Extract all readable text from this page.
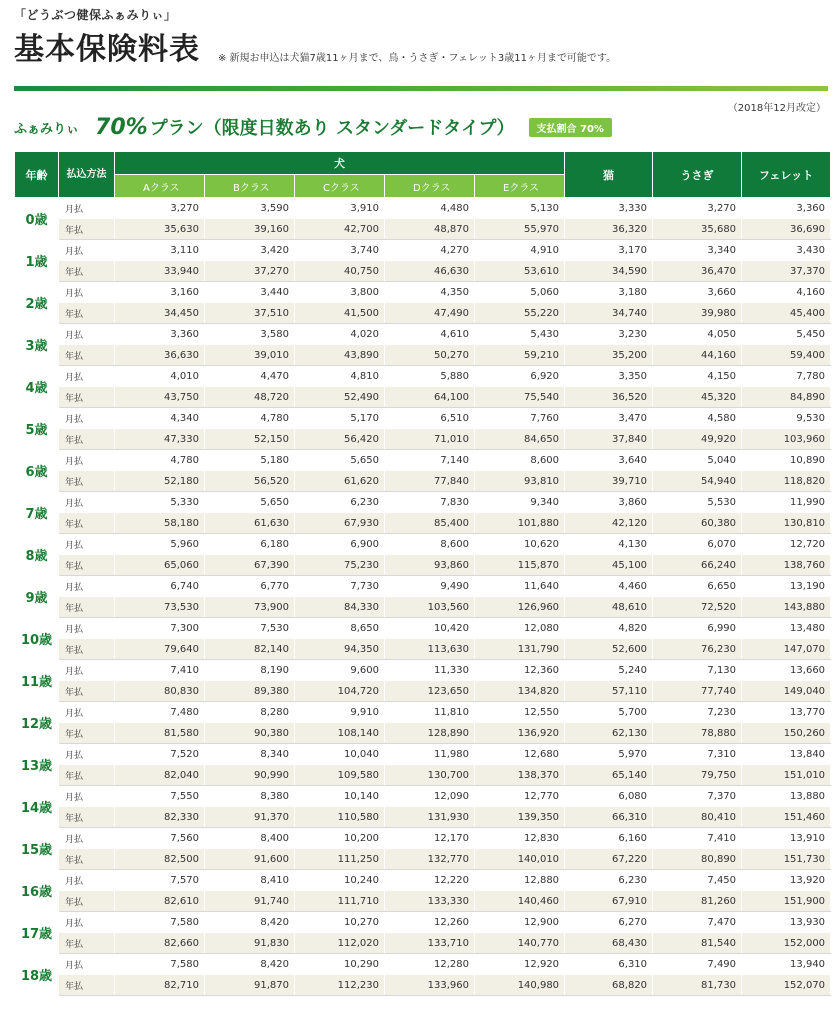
「どうぶつ健保ふぁみりぃ」
基本保険料表 ※ 新規お申込は犬猫7歳11ヶ月まで、鳥・うさぎ・フェレット3歳11ヶ月まで可能です。
（2018年12月改定）
ふぁみりぃ 70% プラン（限度日数あり スタンダードタイプ）	支払割合 70%
年齢	払込方法	犬					猫	うさぎ	フェレット
		Aクラス	Bクラス	Cクラス	Dクラス	Eクラス			
0歳	月払	3,270	3,590	3,910	4,480	5,130	3,330	3,270	3,360
	年払	35,630	39,160	42,700	48,870	55,970	36,320	35,680	36,690
1歳	月払	3,110	3,420	3,740	4,270	4,910	3,170	3,340	3,430
	年払	33,940	37,270	40,750	46,630	53,610	34,590	36,470	37,370
2歳	月払	3,160	3,440	3,800	4,350	5,060	3,180	3,660	4,160
	年払	34,450	37,510	41,500	47,490	55,220	34,740	39,980	45,400
3歳	月払	3,360	3,580	4,020	4,610	5,430	3,230	4,050	5,450
	年払	36,630	39,010	43,890	50,270	59,210	35,200	44,160	59,400
4歳	月払	4,010	4,470	4,810	5,880	6,920	3,350	4,150	7,780
	年払	43,750	48,720	52,490	64,100	75,540	36,520	45,320	84,890
5歳	月払	4,340	4,780	5,170	6,510	7,760	3,470	4,580	9,530
	年払	47,330	52,150	56,420	71,010	84,650	37,840	49,920	103,960
6歳	月払	4,780	5,180	5,650	7,140	8,600	3,640	5,040	10,890
	年払	52,180	56,520	61,620	77,840	93,810	39,710	54,940	118,820
7歳	月払	5,330	5,650	6,230	7,830	9,340	3,860	5,530	11,990
	年払	58,180	61,630	67,930	85,400	101,880	42,120	60,380	130,810
8歳	月払	5,960	6,180	6,900	8,600	10,620	4,130	6,070	12,720
	年払	65,060	67,390	75,230	93,860	115,870	45,100	66,240	138,760
9歳	月払	6,740	6,770	7,730	9,490	11,640	4,460	6,650	13,190
	年払	73,530	73,900	84,330	103,560	126,960	48,610	72,520	143,880
10歳	月払	7,300	7,530	8,650	10,420	12,080	4,820	6,990	13,480
	年払	79,640	82,140	94,350	113,630	131,790	52,600	76,230	147,070
11歳	月払	7,410	8,190	9,600	11,330	12,360	5,240	7,130	13,660
	年払	80,830	89,380	104,720	123,650	134,820	57,110	77,740	149,040
12歳	月払	7,480	8,280	9,910	11,810	12,550	5,700	7,230	13,770
	年払	81,580	90,380	108,140	128,890	136,920	62,130	78,880	150,260
13歳	月払	7,520	8,340	10,040	11,980	12,680	5,970	7,310	13,840
	年払	82,040	90,990	109,580	130,700	138,370	65,140	79,750	151,010
14歳	月払	7,550	8,380	10,140	12,090	12,770	6,080	7,370	13,880
	年払	82,330	91,370	110,580	131,930	139,350	66,310	80,410	151,460
15歳	月払	7,560	8,400	10,200	12,170	12,830	6,160	7,410	13,910
	年払	82,500	91,600	111,250	132,770	140,010	67,220	80,890	151,730
16歳	月払	7,570	8,410	10,240	12,220	12,880	6,230	7,450	13,920
	年払	82,610	91,740	111,710	133,330	140,460	67,910	81,260	151,900
17歳	月払	7,580	8,420	10,270	12,260	12,900	6,270	7,470	13,930
	年払	82,660	91,830	112,020	133,710	140,770	68,430	81,540	152,000
18歳	月払	7,580	8,420	10,290	12,280	12,920	6,310	7,490	13,940
	年払	82,710	91,870	112,230	133,960	140,980	68,820	81,730	152,070
